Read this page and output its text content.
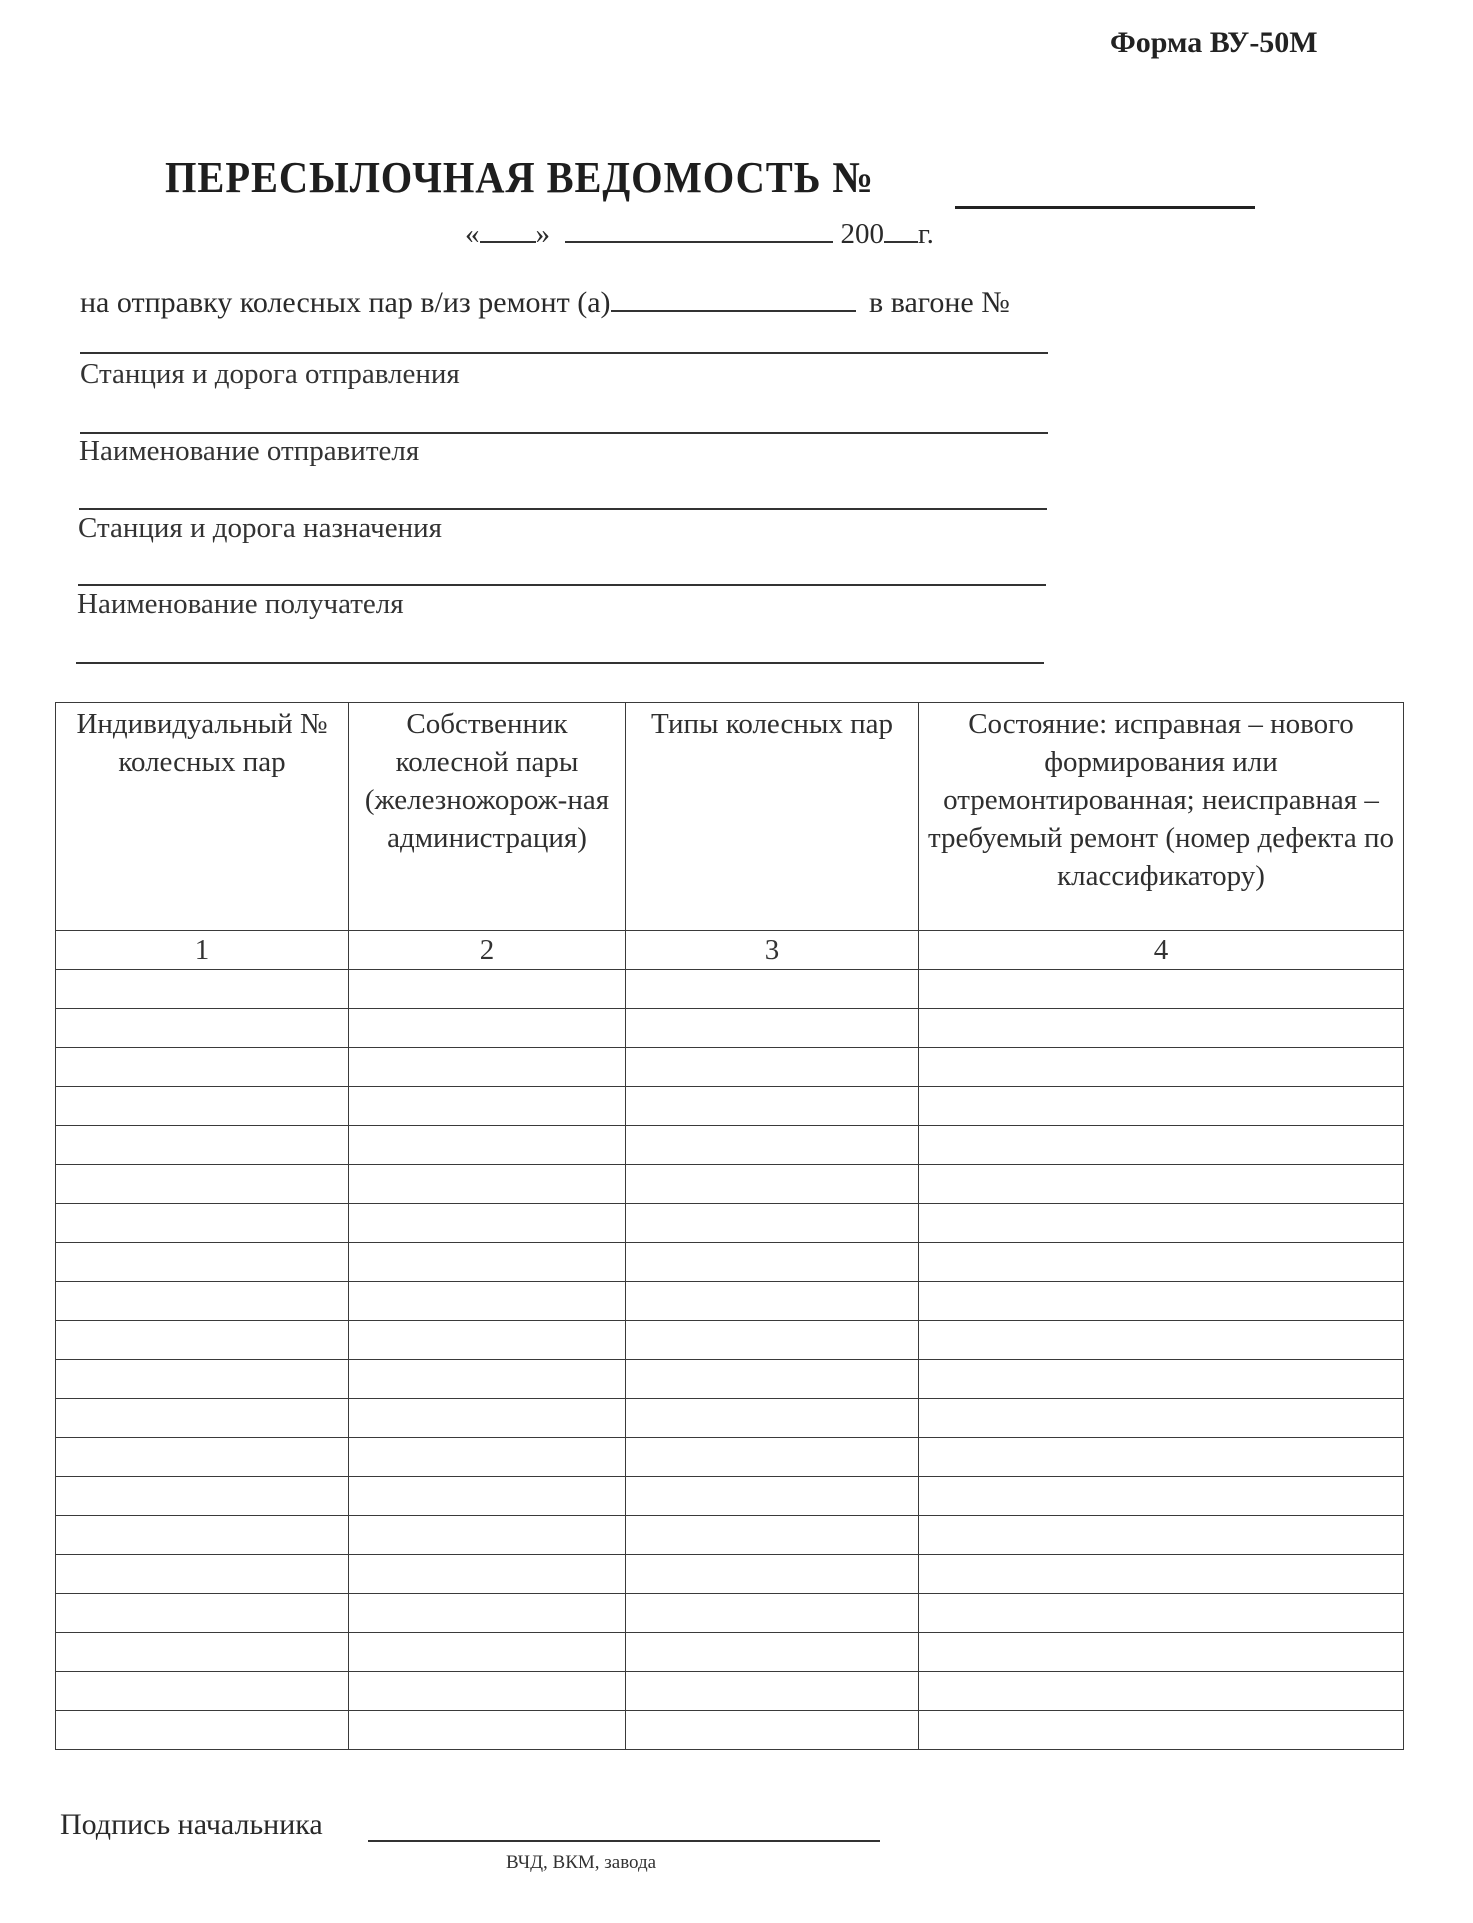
Форма ВУ-50М
ПЕРЕСЫЛОЧНАЯ ВЕДОМОСТЬ №
« »	200 г.
на отправку колесных пар в/из ремонт (а)	в вагоне №
Станция и дорога отправления
Наименование отправителя
Станция и дорога назначения
Наименование получателя
Индивидуальный № колесных пар	Собственник колесной пары (железножорож-ная администрация)	Типы колесных пар	Состояние: исправная – нового формирования или отремонтированная; неисправная – требуемый ремонт (номер дефекта по классификатору)
1	2	3	4

Подпись начальника
ВЧД, ВКМ, завода
